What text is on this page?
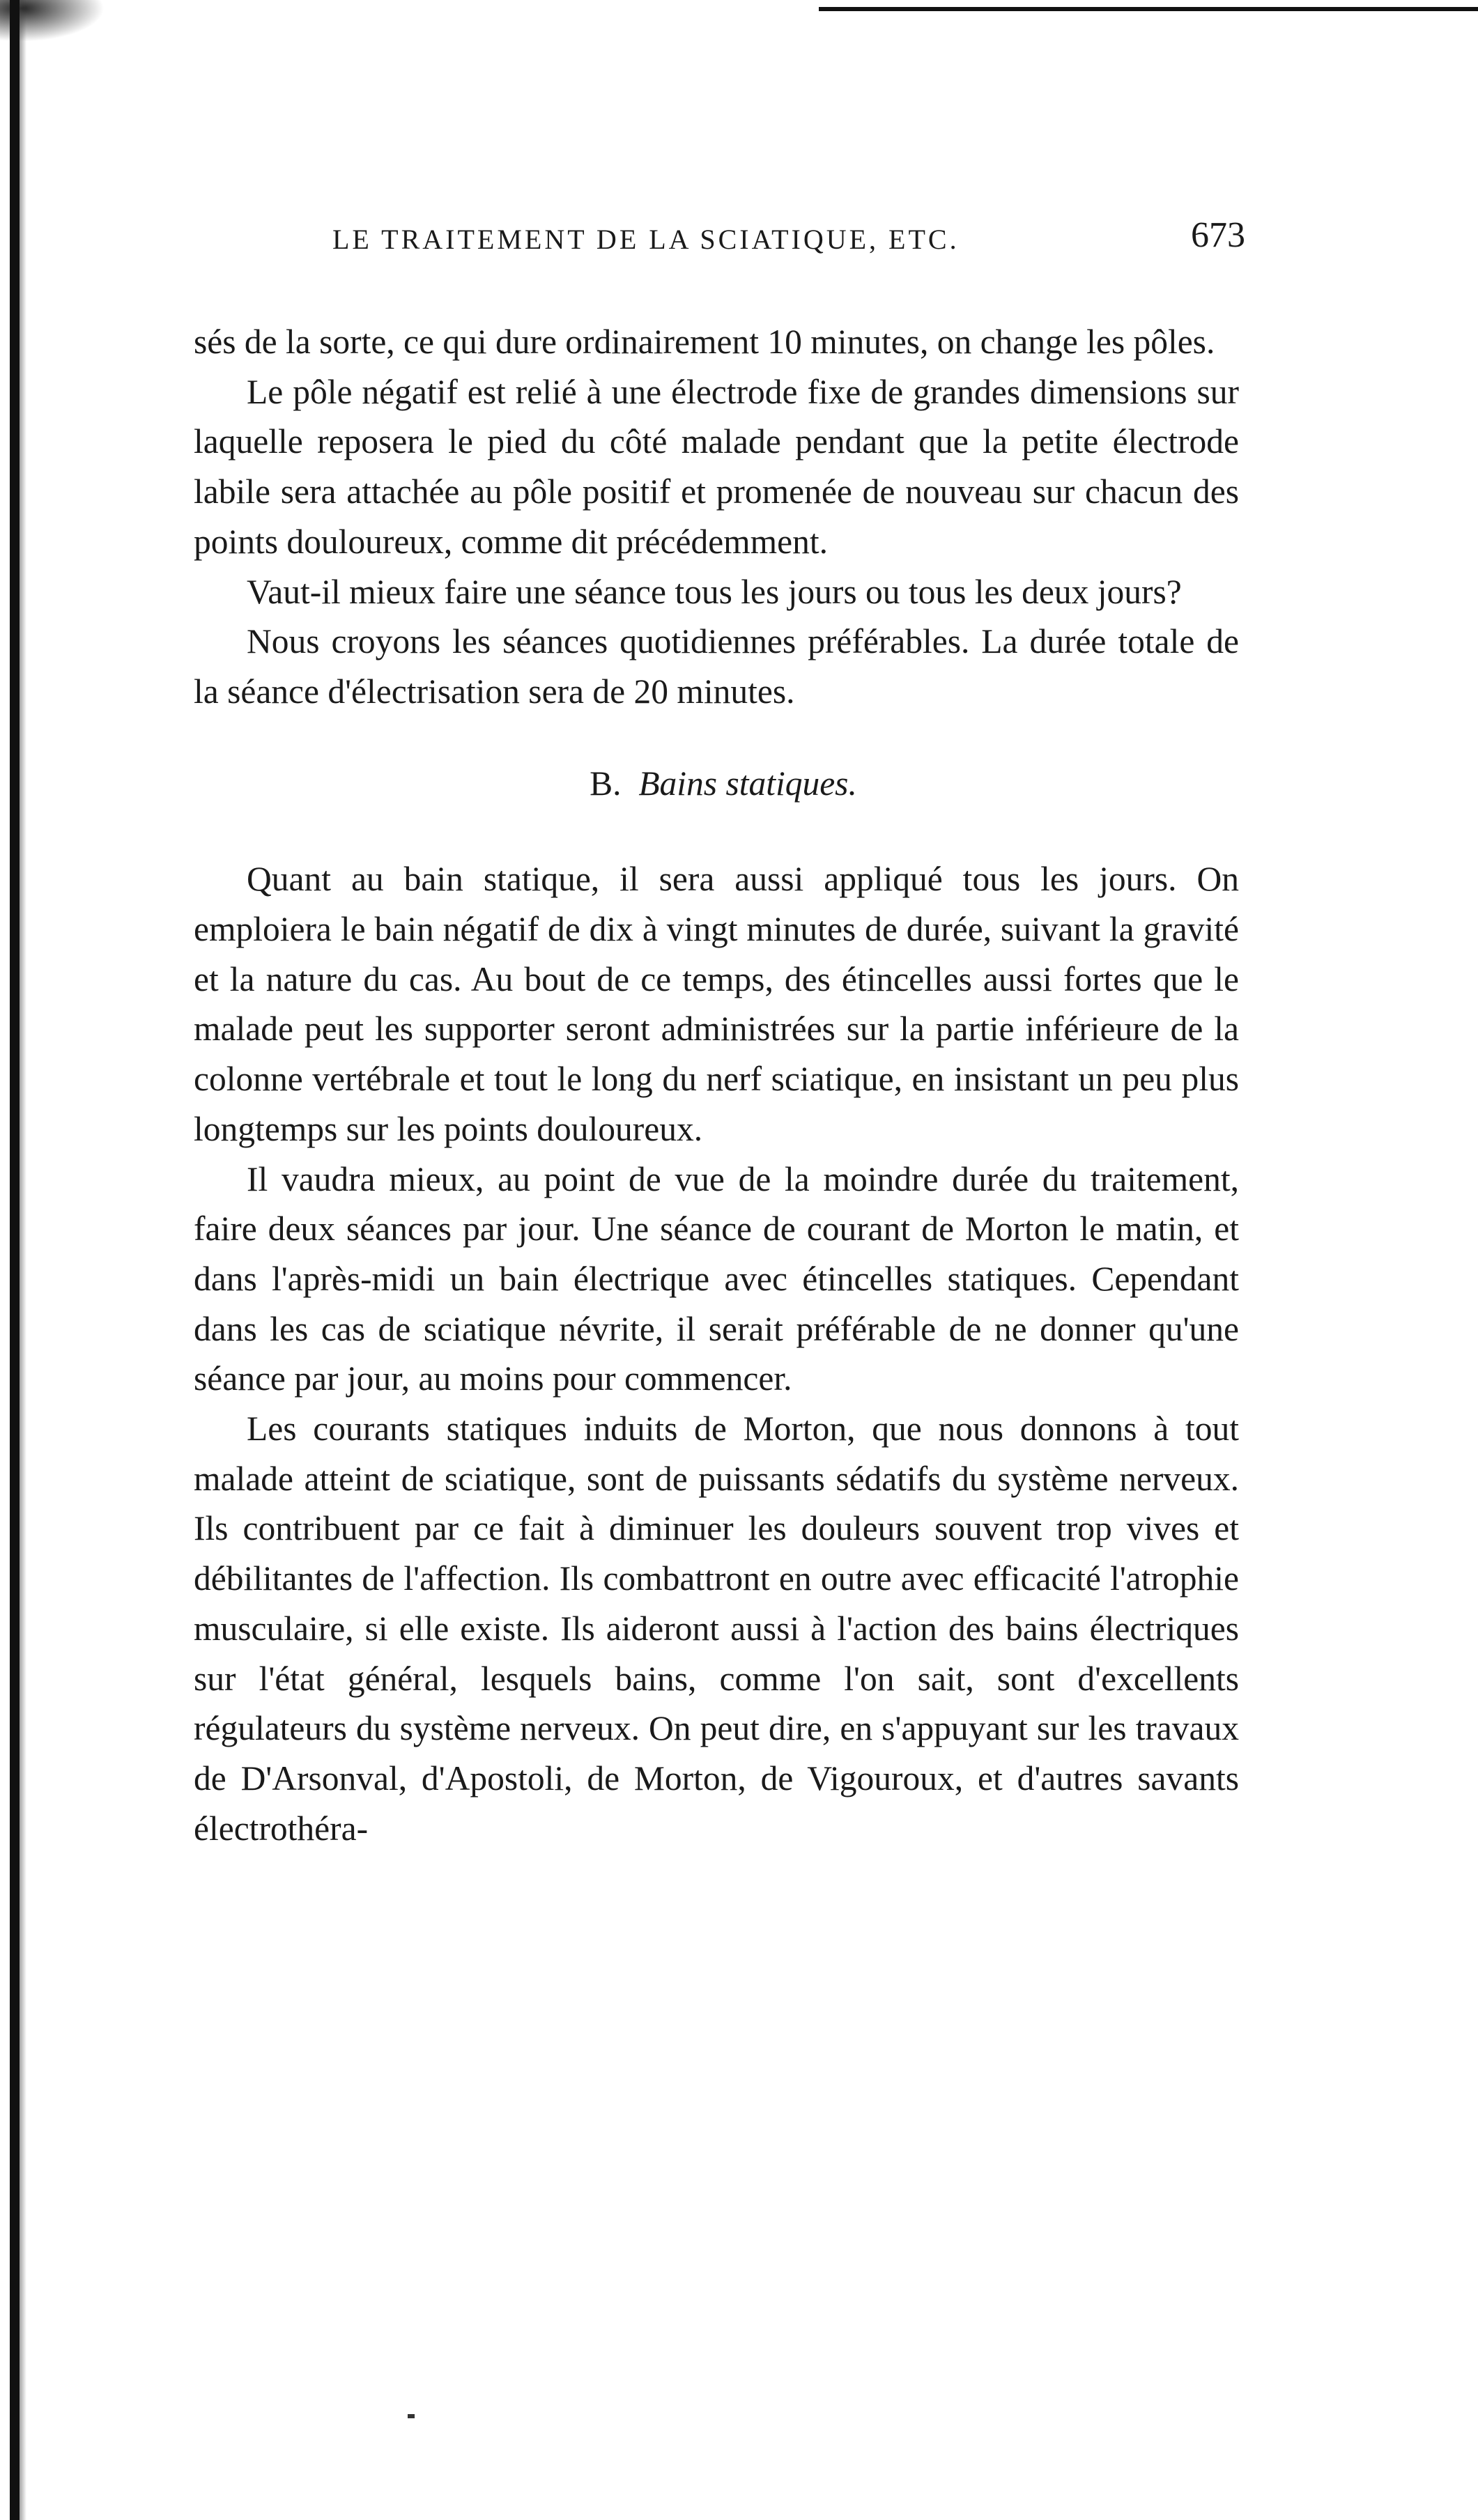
LE TRAITEMENT DE LA SCIATIQUE, ETC.	673

sés de la sorte, ce qui dure ordinairement 10 minutes, on change les pôles.

Le pôle négatif est relié à une électrode fixe de grandes dimensions sur laquelle reposera le pied du côté malade pendant que la petite électrode labile sera attachée au pôle positif et promenée de nouveau sur chacun des points douloureux, comme dit précédemment.

Vaut-il mieux faire une séance tous les jours ou tous les deux jours?

Nous croyons les séances quotidiennes préférables. La durée totale de la séance d'électrisation sera de 20 minutes.

B. Bains statiques.

Quant au bain statique, il sera aussi appliqué tous les jours. On emploiera le bain négatif de dix à vingt minutes de durée, suivant la gravité et la nature du cas. Au bout de ce temps, des étincelles aussi fortes que le malade peut les supporter seront administrées sur la partie inférieure de la colonne vertébrale et tout le long du nerf sciatique, en insistant un peu plus longtemps sur les points douloureux.

Il vaudra mieux, au point de vue de la moindre durée du traitement, faire deux séances par jour. Une séance de courant de Morton le matin, et dans l'après-midi un bain électrique avec étincelles statiques. Cependant dans les cas de sciatique névrite, il serait préférable de ne donner qu'une séance par jour, au moins pour commencer.

Les courants statiques induits de Morton, que nous donnons à tout malade atteint de sciatique, sont de puissants sédatifs du système nerveux. Ils contribuent par ce fait à diminuer les douleurs souvent trop vives et débilitantes de l'affection. Ils combattront en outre avec efficacité l'atrophie musculaire, si elle existe. Ils aideront aussi à l'action des bains électriques sur l'état général, lesquels bains, comme l'on sait, sont d'excellents régulateurs du système nerveux. On peut dire, en s'appuyant sur les travaux de D'Arsonval, d'Apostoli, de Morton, de Vigouroux, et d'autres savants électrothéra-
